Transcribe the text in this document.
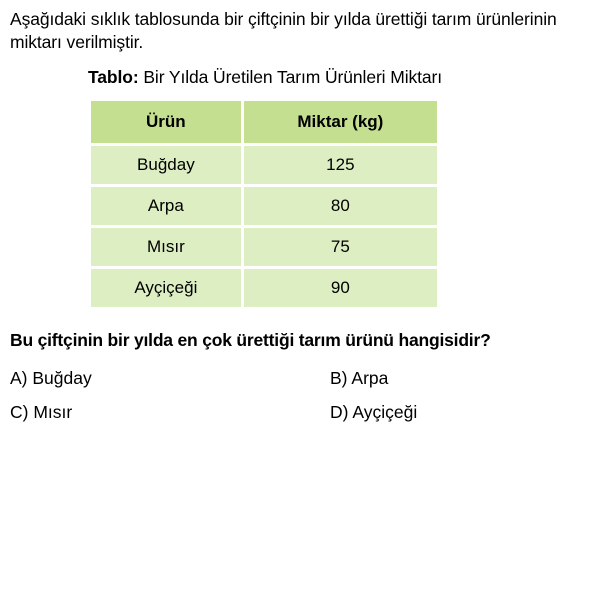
Aşağıdaki sıklık tablosunda bir çiftçinin bir yılda ürettiği tarım ürünlerinin miktarı verilmiştir.

Tablo: Bir Yılda Üretilen Tarım Ürünleri Miktarı
Ürün	Miktar (kg)
Buğday	125
Arpa	80
Mısır	75
Ayçiçeği	90

Bu çiftçinin bir yılda en çok ürettiği tarım ürünü hangisidir?

A) Buğday	B) Arpa
C) Mısır	D) Ayçiçeği
